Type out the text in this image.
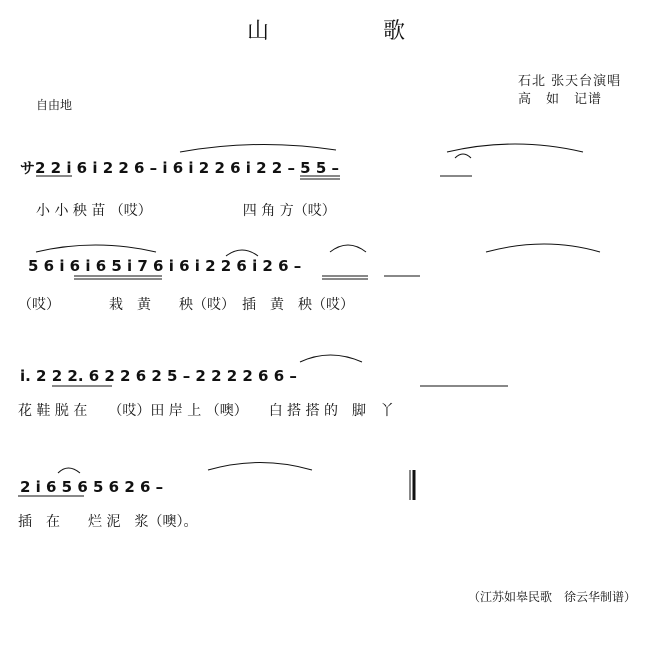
山　歌
石北 张天台演唱
高　如　记谱
自由地
サ2 2 i 6 i 2 2 6 – i 6 i 2 2 6 i 2 2 – 5 5 –
小 小 秧 苗 （哎）　　　　　　　四 角 方（哎）
5 6 i 6 i 6 5 i 7 6 i 6 i 2 2 6 i 2 6 –
（哎）　　　　栽　黄　　秧（哎）　插　黄　秧（哎）
i. 2 2 2. 6 2 2 6 2 5 – 2 2 2 2 6 6 –
花 鞋 脱 在　　（哎）田 岸 上 （噢）　　白 搭 搭 的　脚　丫
2 i 6 5 6 5 6 2 6 –
插　在　　烂 泥　浆（噢）。
（江苏如皋民歌　徐云华制谱）
